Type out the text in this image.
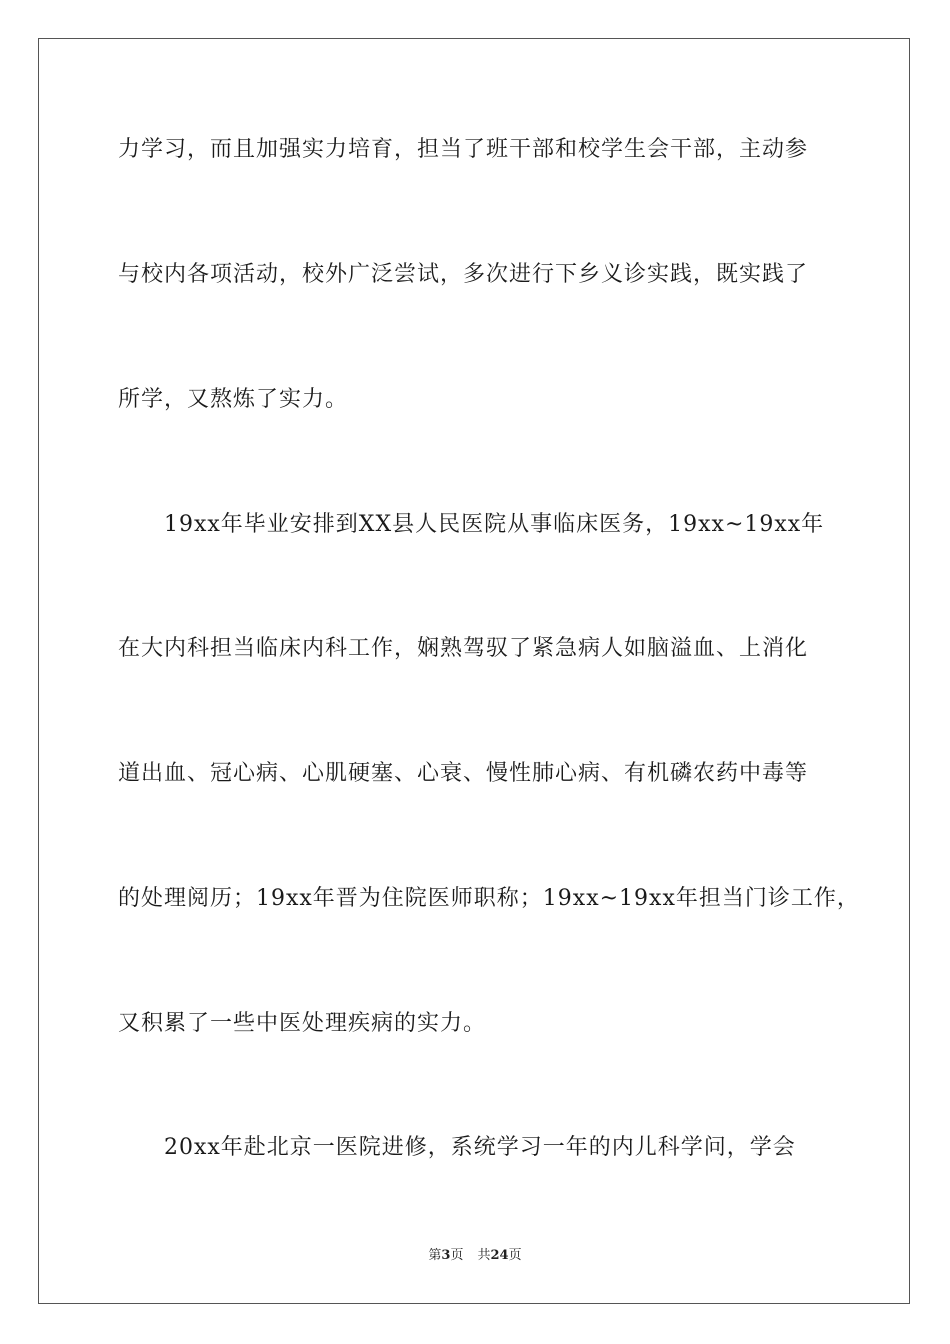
力学习，而且加强实力培育，担当了班干部和校学生会干部，主动参
与校内各项活动，校外广泛尝试，多次进行下乡义诊实践，既实践了
所学，又熬炼了实力。
　　19xx年毕业安排到XX县人民医院从事临床医务，19xx~19xx年
在大内科担当临床内科工作，娴熟驾驭了紧急病人如脑溢血、上消化
道出血、冠心病、心肌硬塞、心衰、慢性肺心病、有机磷农药中毒等
的处理阅历；19xx年晋为住院医师职称；19xx~19xx年担当门诊工作，
又积累了一些中医处理疾病的实力。
　　20xx年赴北京一医院进修，系统学习一年的内儿科学问，学会
第3页 共24页
